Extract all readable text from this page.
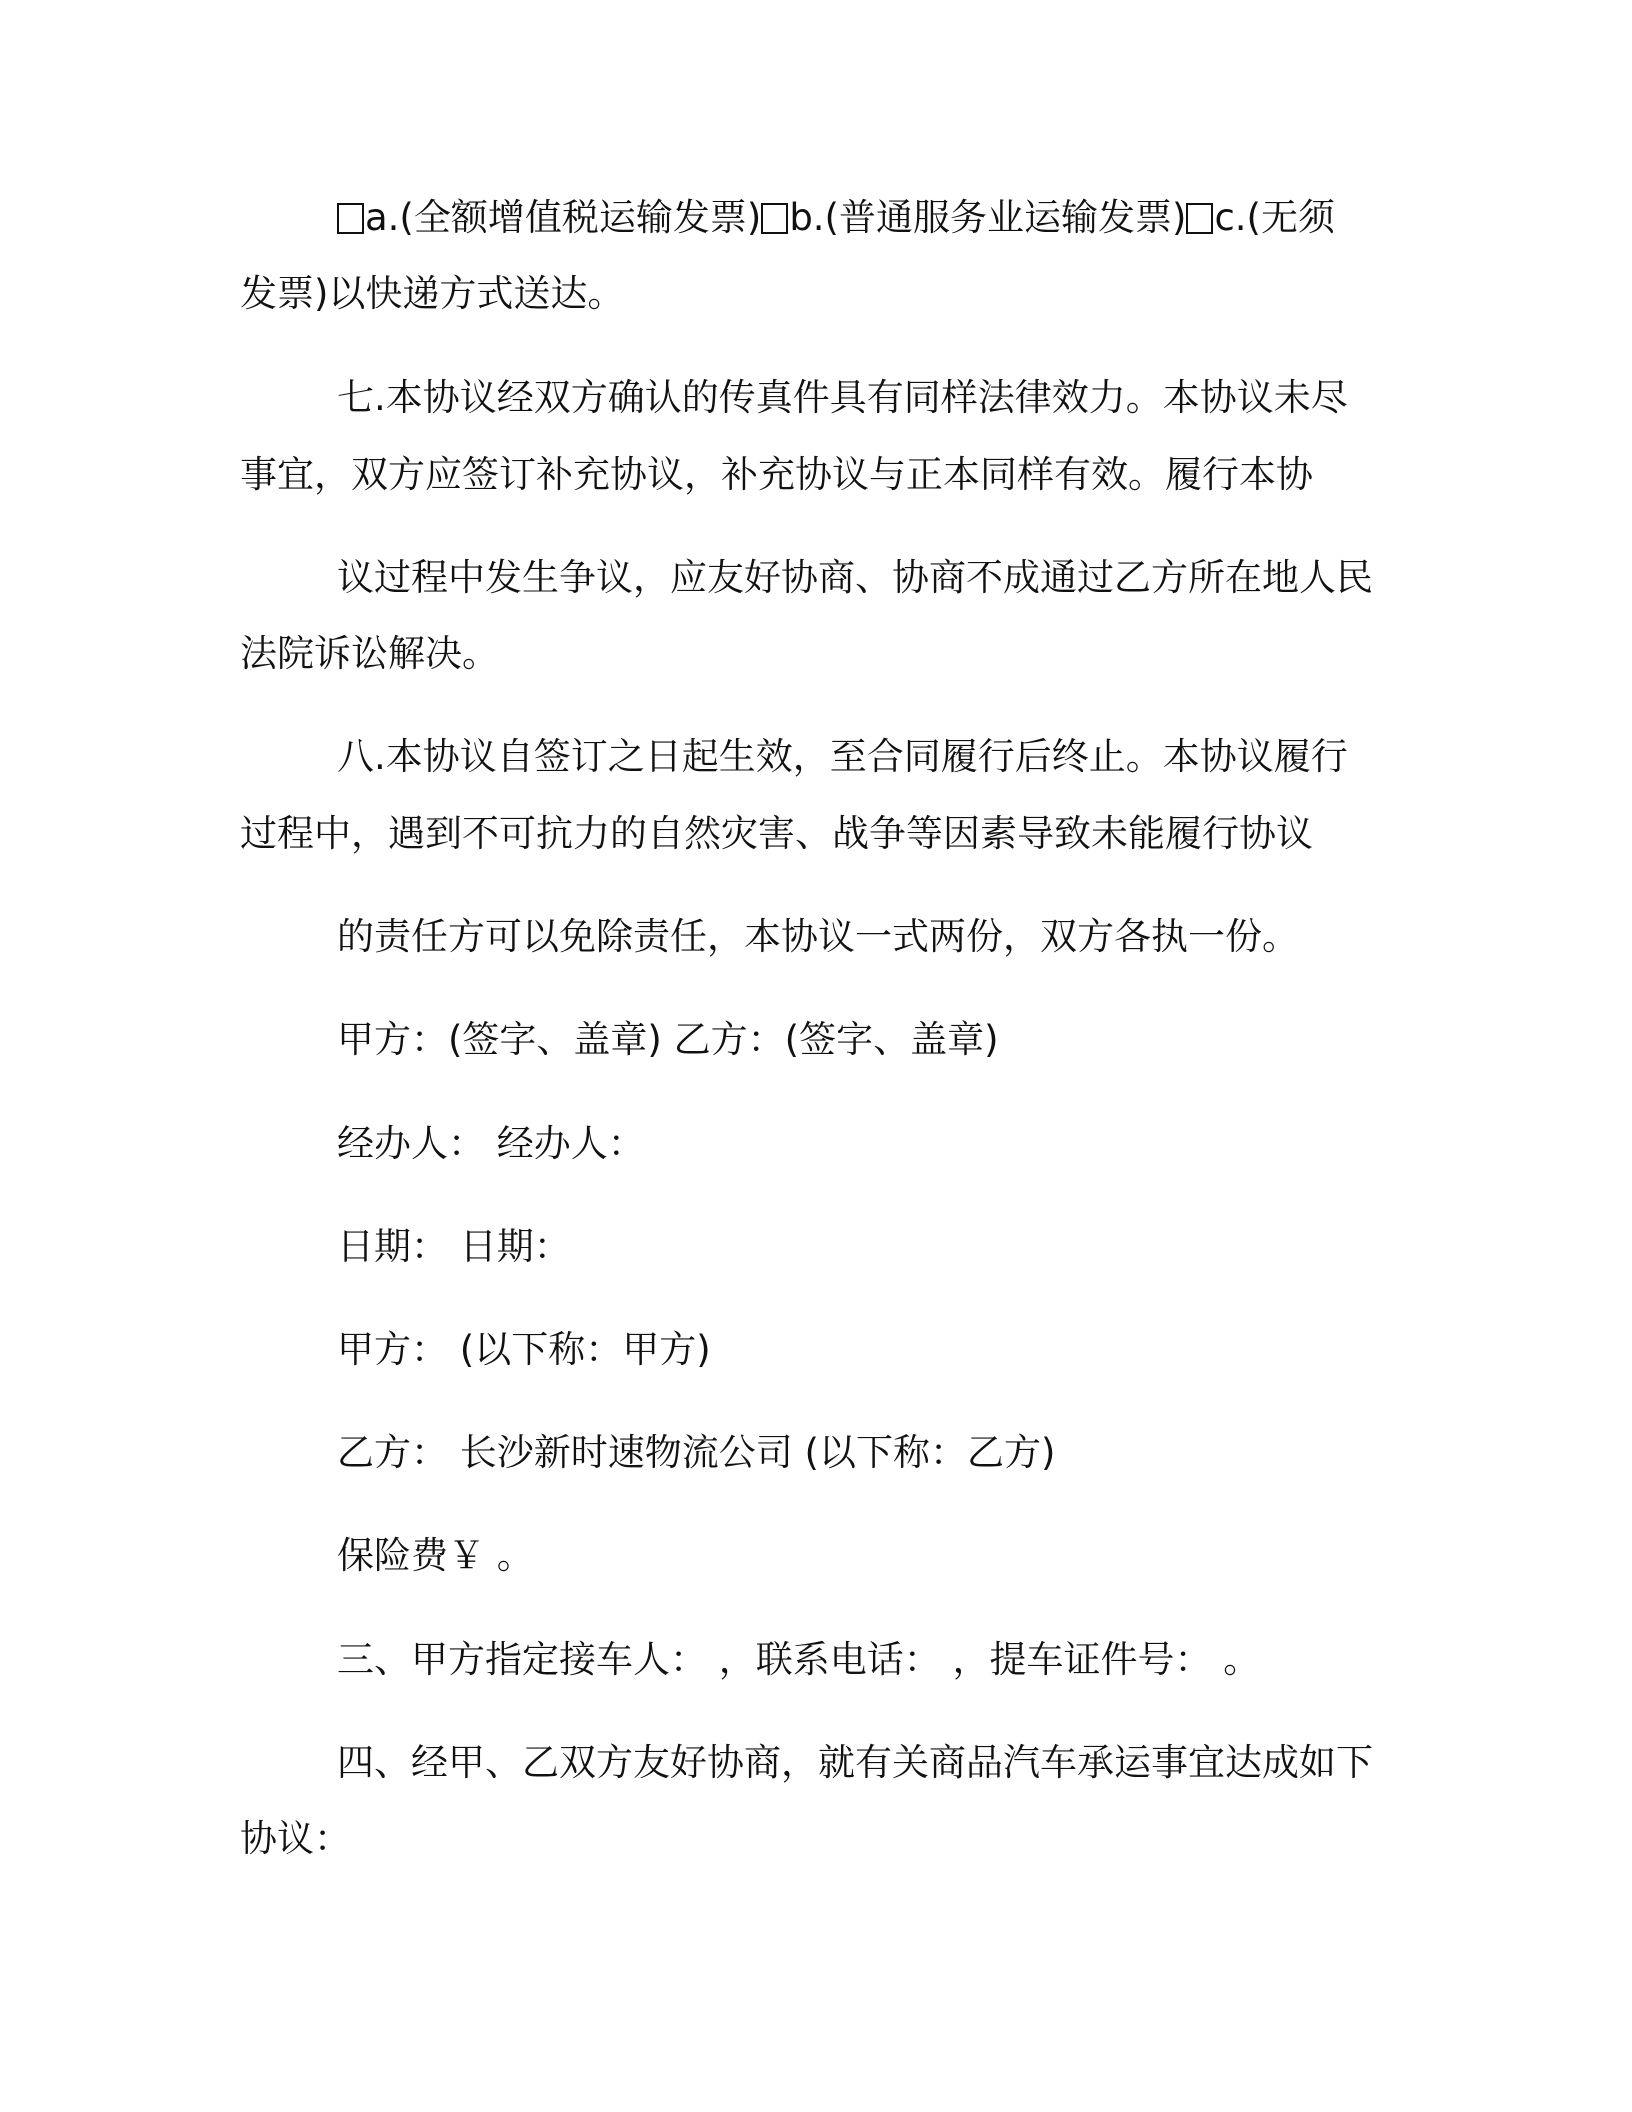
a.(全额增值税运输发票) b.(普通服务业运输发票) c.(无须
发票)以快递方式送达。
七.本协议经双方确认的传真件具有同样法律效力。本协议未尽
事宜，双方应签订补充协议，补充协议与正本同样有效。履行本协
议过程中发生争议，应友好协商、协商不成通过乙方所在地人民
法院诉讼解决。
八.本协议自签订之日起生效，至合同履行后终止。本协议履行
过程中，遇到不可抗力的自然灾害、战争等因素导致未能履行协议
的责任方可以免除责任，本协议一式两份，双方各执一份。
甲方：(签字、盖章) 乙方：(签字、盖章)
经办人： 经办人：
日期： 日期：
甲方： (以下称：甲方)
乙方： 长沙新时速物流公司 (以下称：乙方)
保险费￥ 。
三、甲方指定接车人： ，联系电话： ，提车证件号： 。
四、经甲、乙双方友好协商，就有关商品汽车承运事宜达成如下
协议：
